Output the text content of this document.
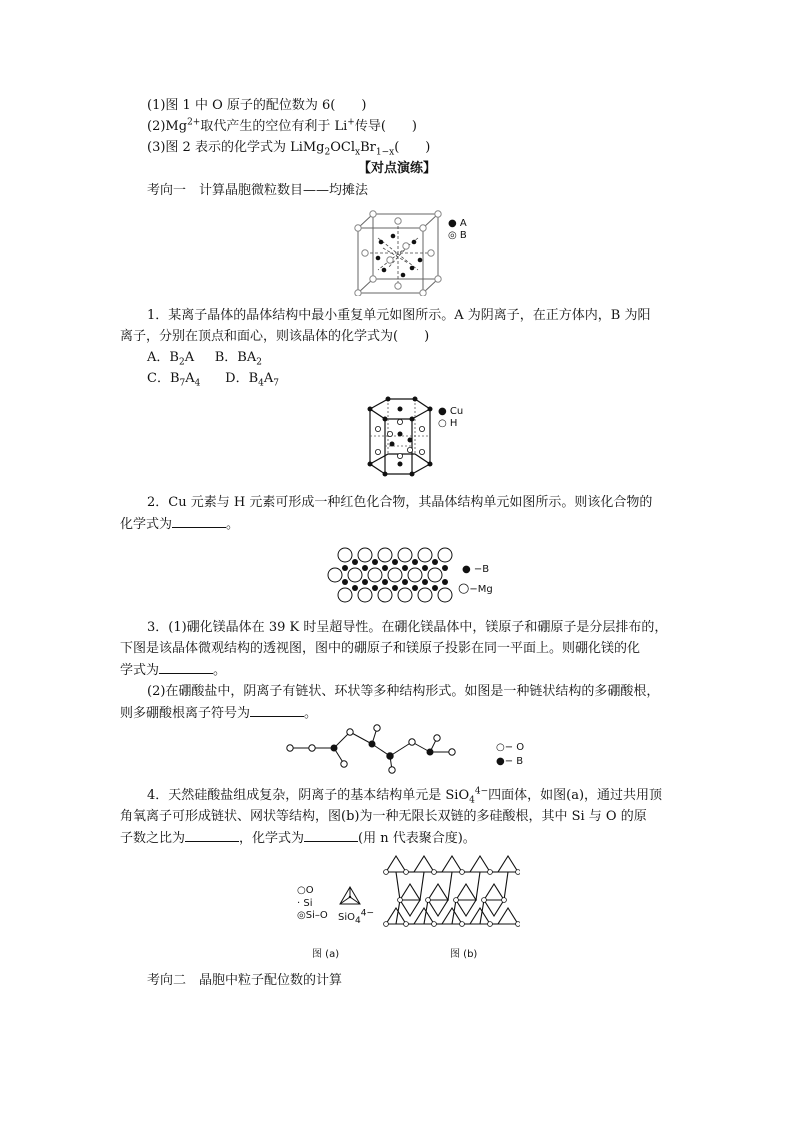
(1)图 1 中 O 原子的配位数为 6(　　)
$(2)Mg^{2+}$取代产生的空位有利于 Li+传导(　　)
(3)图 2 表示的化学式为 $LiMg_2OCl_xBr_{1-x}$(　　)
【对点演练】
考向一　计算晶胞微粒数目——均摊法
● A
◎ B
1．某离子晶体的晶体结构中最小重复单元如图所示。A 为阴离子，在正方体内，B 为阳
离子，分别在顶点和面心，则该晶体的化学式为(　　)
A．$B_2A$ B．$BA_2$
C．$B_7A_4$ D．$B_4A_7$
● Cu
○ H
2．Cu 元素与 H 元素可形成一种红色化合物，其晶体结构单元如图所示。则该化合物的
化学式为	。
● −B
○−Mg
3．(1)硼化镁晶体在 39 K 时呈超导性。在硼化镁晶体中，镁原子和硼原子是分层排布的，
下图是该晶体微观结构的透视图，图中的硼原子和镁原子投影在同一平面上。则硼化镁的化
学式为	。
(2)在硼酸盐中，阴离子有链状、环状等多种结构形式。如图是一种链状结构的多硼酸根，
则多硼酸根离子符号为	。
○− O
●− B
4．天然硅酸盐组成复杂，阴离子的基本结构单元是 SiO$_4^{4-}$四面体，如图(a)，通过共用顶
角氧离子可形成链状、网状等结构，图(b)为一种无限长双链的多硅酸根，其中 Si 与 O 的原
子数之比为	，化学式为	(用 n 代表聚合度)。
○O
· Si
◎Si–O SiO$_4^{4-}$
图 (a)	图 (b)
考向二　晶胞中粒子配位数的计算
